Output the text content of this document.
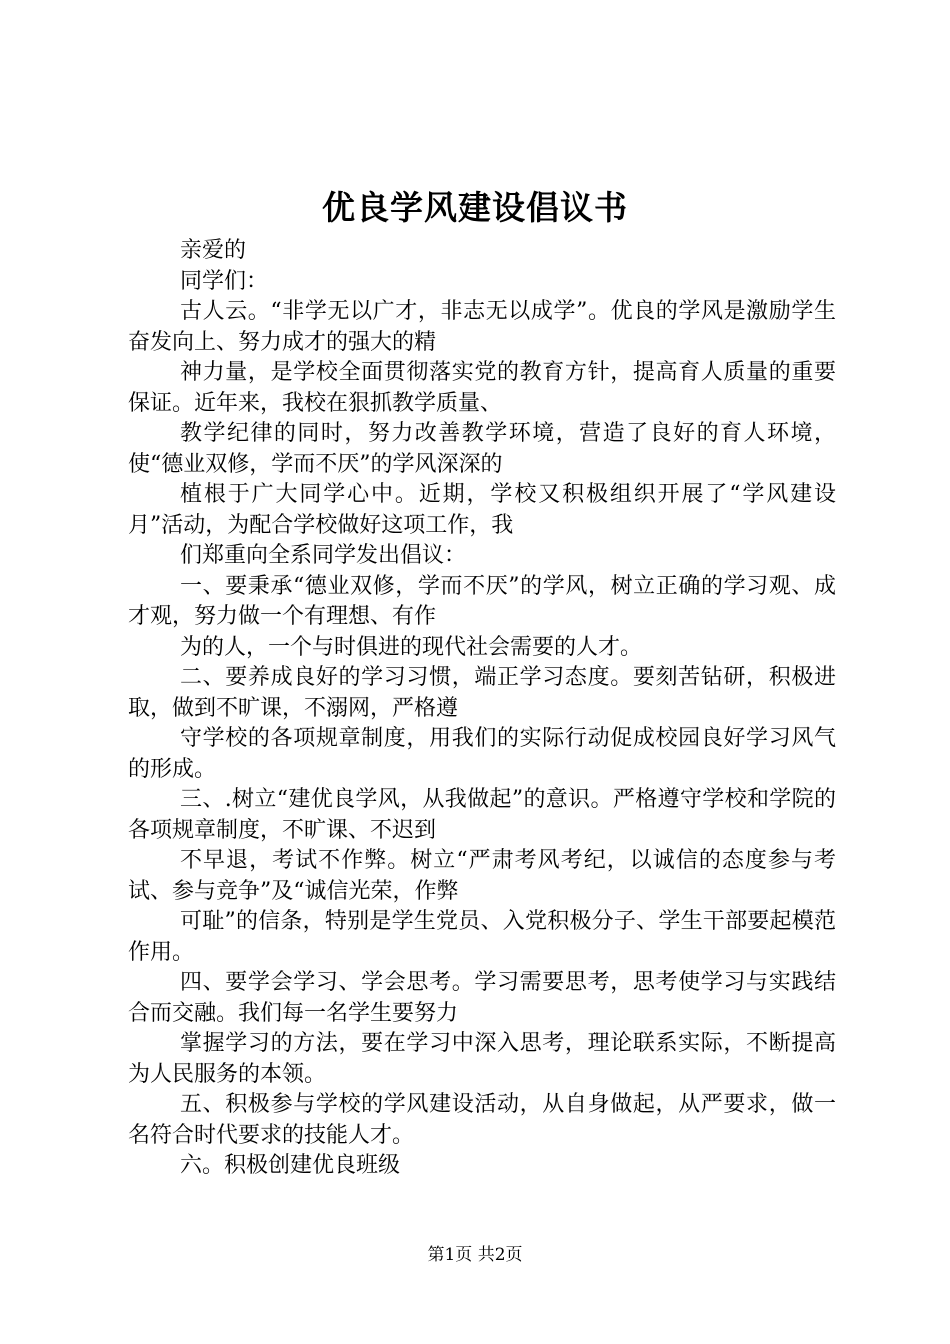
优良学风建设倡议书

亲爱的

同学们：

古人云。“非学无以广才，非志无以成学”。优良的学风是激励学生奋发向上、努力成才的强大的精

神力量，是学校全面贯彻落实党的教育方针，提高育人质量的重要保证。近年来，我校在狠抓教学质量、

教学纪律的同时，努力改善教学环境，营造了良好的育人环境，使“德业双修，学而不厌”的学风深深的

植根于广大同学心中。近期，学校又积极组织开展了“学风建设月”活动，为配合学校做好这项工作，我

们郑重向全系同学发出倡议：

一、要秉承“德业双修，学而不厌”的学风，树立正确的学习观、成才观，努力做一个有理想、有作

为的人，一个与时俱进的现代社会需要的人才。

二、要养成良好的学习习惯，端正学习态度。要刻苦钻研，积极进取，做到不旷课，不溺网，严格遵

守学校的各项规章制度，用我们的实际行动促成校园良好学习风气的形成。

三、.树立“建优良学风，从我做起”的意识。严格遵守学校和学院的各项规章制度，不旷课、不迟到

不早退，考试不作弊。树立“严肃考风考纪，以诚信的态度参与考试、参与竞争”及“诚信光荣，作弊

可耻”的信条，特别是学生党员、入党积极分子、学生干部要起模范作用。

四、要学会学习、学会思考。学习需要思考，思考使学习与实践结合而交融。我们每一名学生要努力

掌握学习的方法，要在学习中深入思考，理论联系实际，不断提高为人民服务的本领。

五、积极参与学校的学风建设活动，从自身做起，从严要求，做一名符合时代要求的技能人才。

六。积极创建优良班级

第1页 共2页
